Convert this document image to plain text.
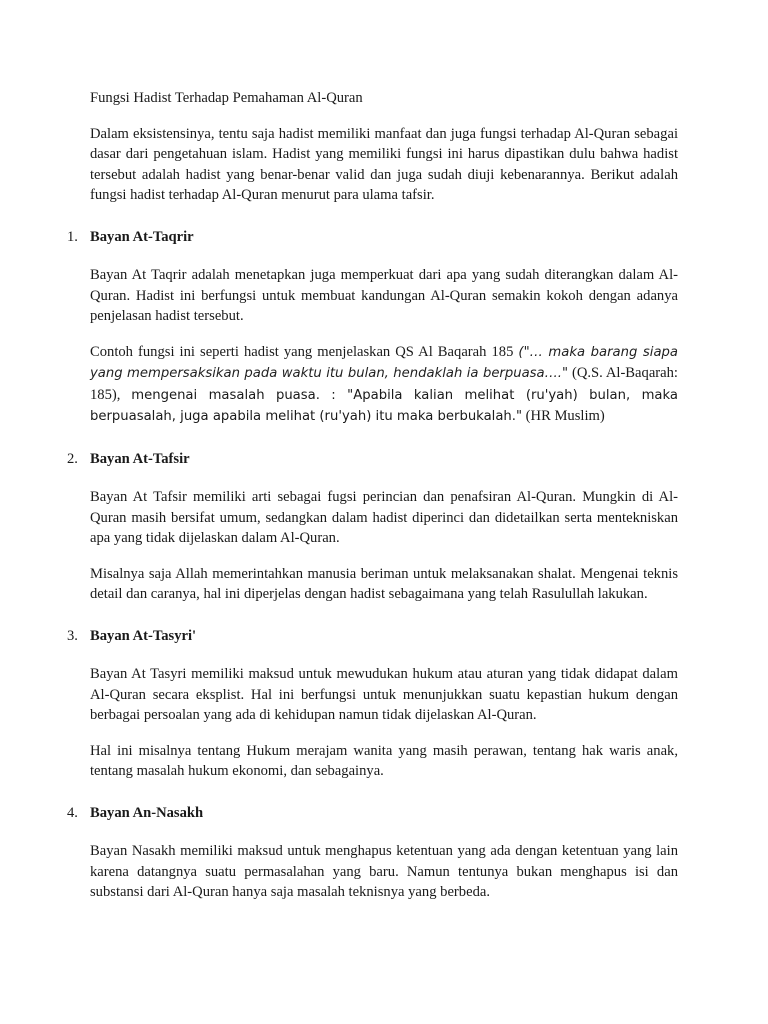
Fungsi Hadist Terhadap Pemahaman Al-Quran

Dalam eksistensinya, tentu saja hadist memiliki manfaat dan juga fungsi terhadap Al-Quran sebagai dasar dari pengetahuan islam. Hadist yang memiliki fungsi ini harus dipastikan dulu bahwa hadist tersebut adalah hadist yang benar-benar valid dan juga sudah diuji kebenarannya. Berikut adalah fungsi hadist terhadap Al-Quran menurut para ulama tafsir.

1. Bayan At-Taqrir

Bayan At Taqrir adalah menetapkan juga memperkuat dari apa yang sudah diterangkan dalam Al-Quran. Hadist ini berfungsi untuk membuat kandungan Al-Quran semakin kokoh dengan adanya penjelasan hadist tersebut.

Contoh fungsi ini seperti hadist yang menjelaskan QS Al Baqarah 185 ("… maka barang siapa yang mempersaksikan pada waktu itu bulan, hendaklah ia berpuasa…." (Q.S. Al-Baqarah: 185), mengenai masalah puasa. : "Apabila kalian melihat (ru'yah) bulan, maka berpuasalah, juga apabila melihat (ru'yah) itu maka berbukalah." (HR Muslim)

2. Bayan At-Tafsir

Bayan At Tafsir memiliki arti sebagai fugsi perincian dan penafsiran Al-Quran. Mungkin di Al-Quran masih bersifat umum, sedangkan dalam hadist diperinci dan didetailkan serta mentekniskan apa yang tidak dijelaskan dalam Al-Quran.

Misalnya saja Allah memerintahkan manusia beriman untuk melaksanakan shalat. Mengenai teknis detail dan caranya, hal ini diperjelas dengan hadist sebagaimana yang telah Rasulullah lakukan.

3. Bayan At-Tasyri'

Bayan At Tasyri memiliki maksud untuk mewudukan hukum atau aturan yang tidak didapat dalam Al-Quran secara eksplist. Hal ini berfungsi untuk menunjukkan suatu kepastian hukum dengan berbagai persoalan yang ada di kehidupan namun tidak dijelaskan Al-Quran.

Hal ini misalnya tentang Hukum merajam wanita yang masih perawan, tentang hak waris anak, tentang masalah hukum ekonomi, dan sebagainya.

4. Bayan An-Nasakh

Bayan Nasakh memiliki maksud untuk menghapus ketentuan yang ada dengan ketentuan yang lain karena datangnya suatu permasalahan yang baru. Namun tentunya bukan menghapus isi dan substansi dari Al-Quran hanya saja masalah teknisnya yang berbeda.
